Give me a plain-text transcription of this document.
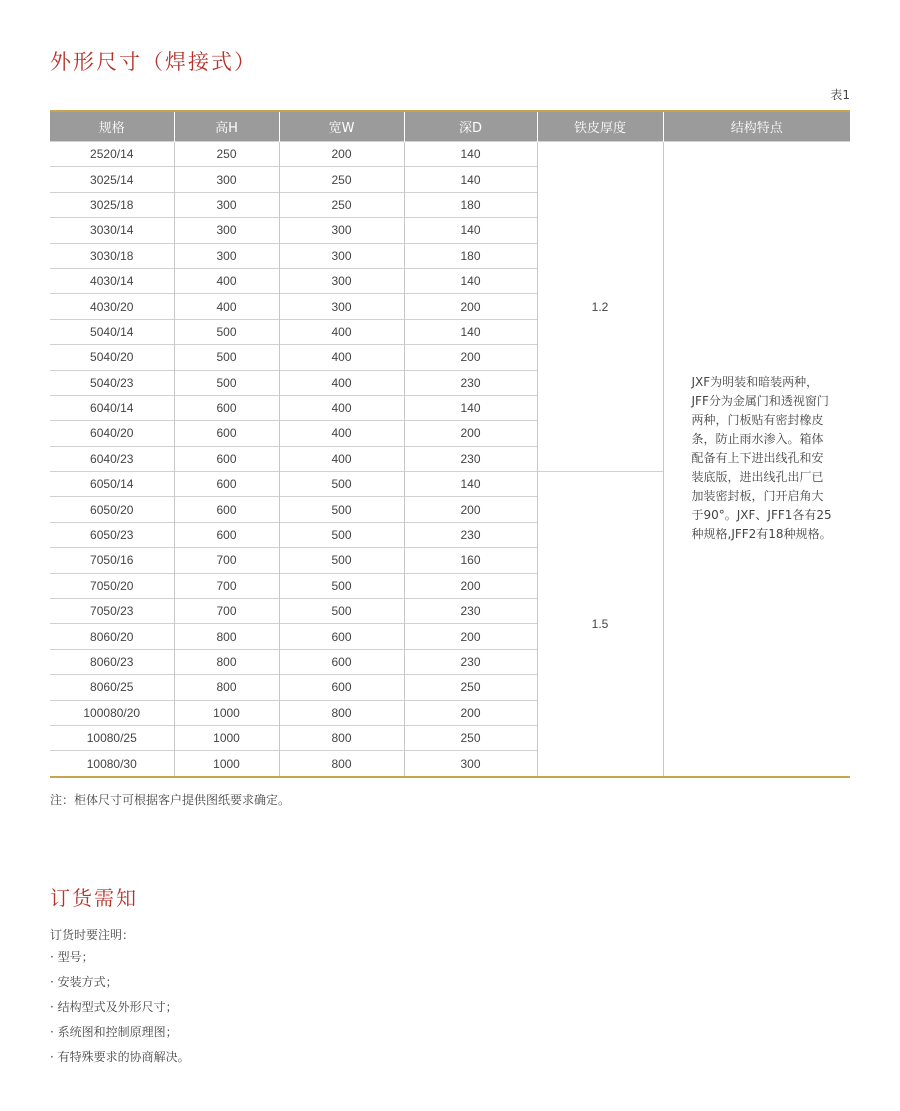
外形尺寸（焊接式）
表1
规格	高H	宽W	深D	铁皮厚度	结构特点
2520/14	250	200	140	1.2	JXF为明装和暗装两种，JFF分为金属门和透视窗门两种，门板贴有密封橡皮条，防止雨水渗入。箱体配备有上下进出线孔和安装底版，进出线孔出厂已加装密封板，门开启角大于90°。JXF、JFF1各有25种规格,JFF2有18种规格。
3025/14	300	250	140		
3025/18	300	250	180		
3030/14	300	300	140		
3030/18	300	300	180		
4030/14	400	300	140		
4030/20	400	300	200		
5040/14	500	400	140		
5040/20	500	400	200		
5040/23	500	400	230		
6040/14	600	400	140		
6040/20	600	400	200		
6040/23	600	400	230		
6050/14	600	500	140	1.5	
6050/20	600	500	200		
6050/23	600	500	230		
7050/16	700	500	160		
7050/20	700	500	200		
7050/23	700	500	230		
8060/20	800	600	200		
8060/23	800	600	230		
8060/25	800	600	250		
100080/20	1000	800	200		
10080/25	1000	800	250		
10080/30	1000	800	300		
注：柜体尺寸可根据客户提供图纸要求确定。
订货需知
订货时要注明：
· 型号；
· 安装方式；
· 结构型式及外形尺寸；
· 系统图和控制原理图；
· 有特殊要求的协商解决。
